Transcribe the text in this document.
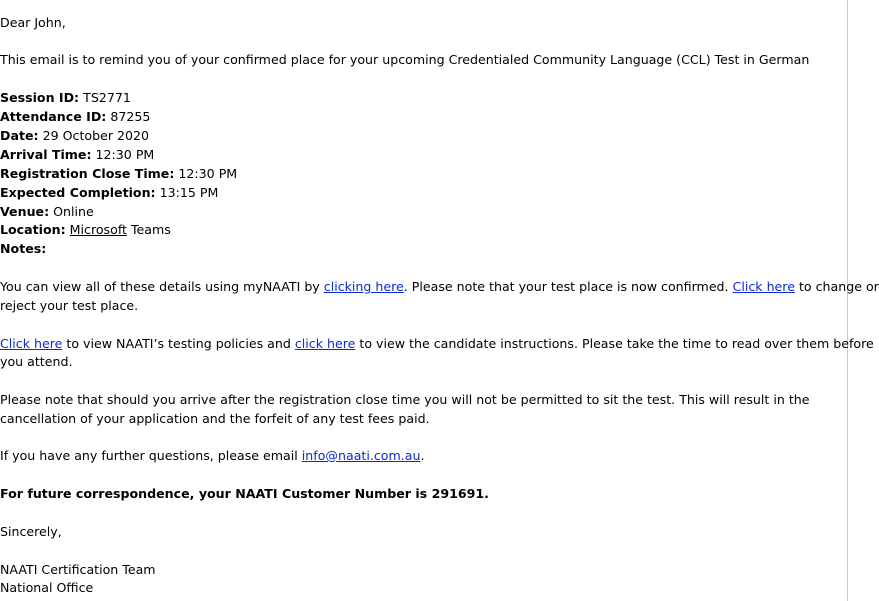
Dear John,
This email is to remind you of your confirmed place for your upcoming Credentialed Community Language (CCL) Test in German
Session ID: TS2771
Attendance ID: 87255
Date: 29 October 2020
Arrival Time: 12:30 PM
Registration Close Time: 12:30 PM
Expected Completion: 13:15 PM
Venue: Online
Location: Microsoft Teams
Notes:
You can view all of these details using myNAATI by clicking here. Please note that your test place is now confirmed. Click here to change or
reject your test place.
Click here to view NAATI’s testing policies and click here to view the candidate instructions. Please take the time to read over them before
you attend.
Please note that should you arrive after the registration close time you will not be permitted to sit the test. This will result in the
cancellation of your application and the forfeit of any test fees paid.
If you have any further questions, please email info@naati.com.au.
For future correspondence, your NAATI Customer Number is 291691.
Sincerely,
NAATI Certification Team
National Office
